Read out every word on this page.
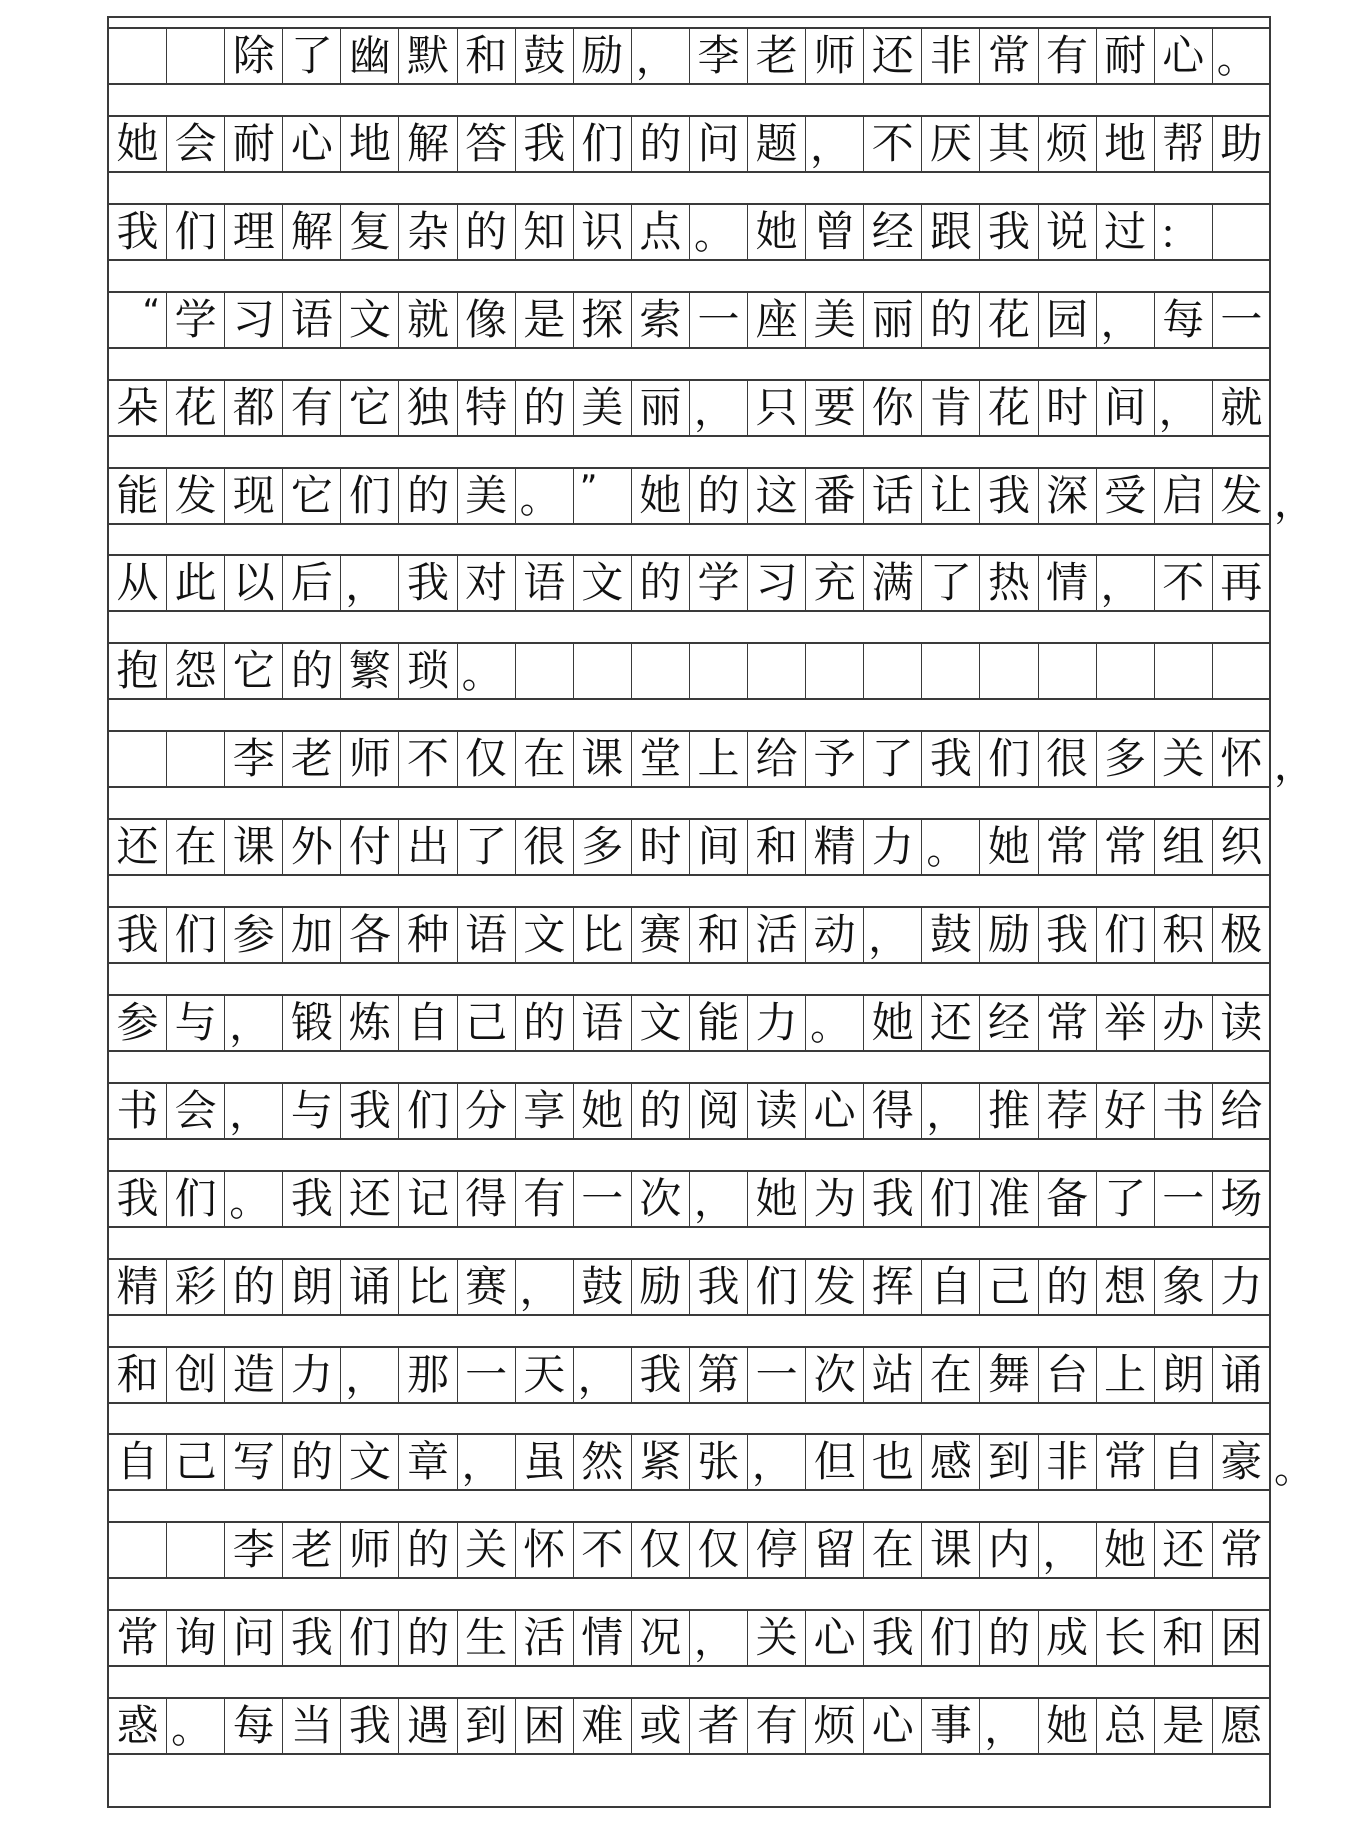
除 了 幽 默 和 鼓 励 ， 李 老 师 还 非 常 有 耐 心 。
她 会 耐 心 地 解 答 我 们 的 问 题 ， 不 厌 其 烦 地 帮 助
我 们 理 解 复 杂 的 知 识 点 。 她 曾 经 跟 我 说 过 ：
“ 学 习 语 文 就 像 是 探 索 一 座 美 丽 的 花 园 ， 每 一
朵 花 都 有 它 独 特 的 美 丽 ， 只 要 你 肯 花 时 间 ， 就
能 发 现 它 们 的 美 。 ”	她 的 这 番 话 让 我 深 受 启 发
从 此 以 后 ， 我 对 语 文 的 学 习 充 满 了 热 情 ， 不 再
抱 怨 它 的 繁 琐 。
李 老 师 不 仅 在 课 堂 上 给 予 了 我 们 很 多 关 怀
还 在 课 外 付 出 了 很 多 时 间 和 精 力 。 她 常 常 组 织
我 们 参 加 各 种 语 文 比 赛 和 活 动 ， 鼓 励 我 们 积 极
参 与 ， 锻 炼 自 己 的 语 文 能 力 。 她 还 经 常 举 办 读
书 会 ， 与 我 们 分 享 她 的 阅 读 心 得 ， 推 荐 好 书 给
我 们 。 我 还 记 得 有 一 次 ， 她 为 我 们 准 备 了 一 场
精 彩 的 朗 诵 比 赛 ， 鼓 励 我 们 发 挥 自 己 的 想 象 力
和 创 造 力 ， 那 一 天 ， 我 第 一 次 站 在 舞 台 上 朗 诵
自 己 写 的 文 章 ， 虽 然 紧 张 ， 但 也 感 到 非 常 自 豪
李 老 师 的 关 怀 不 仅 仅 停 留 在 课 内 ， 她 还 常
常 询 问 我 们 的 生 活 情 况 ， 关 心 我 们 的 成 长 和 困
惑 。 每 当 我 遇 到 困 难 或 者 有 烦 心 事 ， 她 总 是 愿
，
，
。
